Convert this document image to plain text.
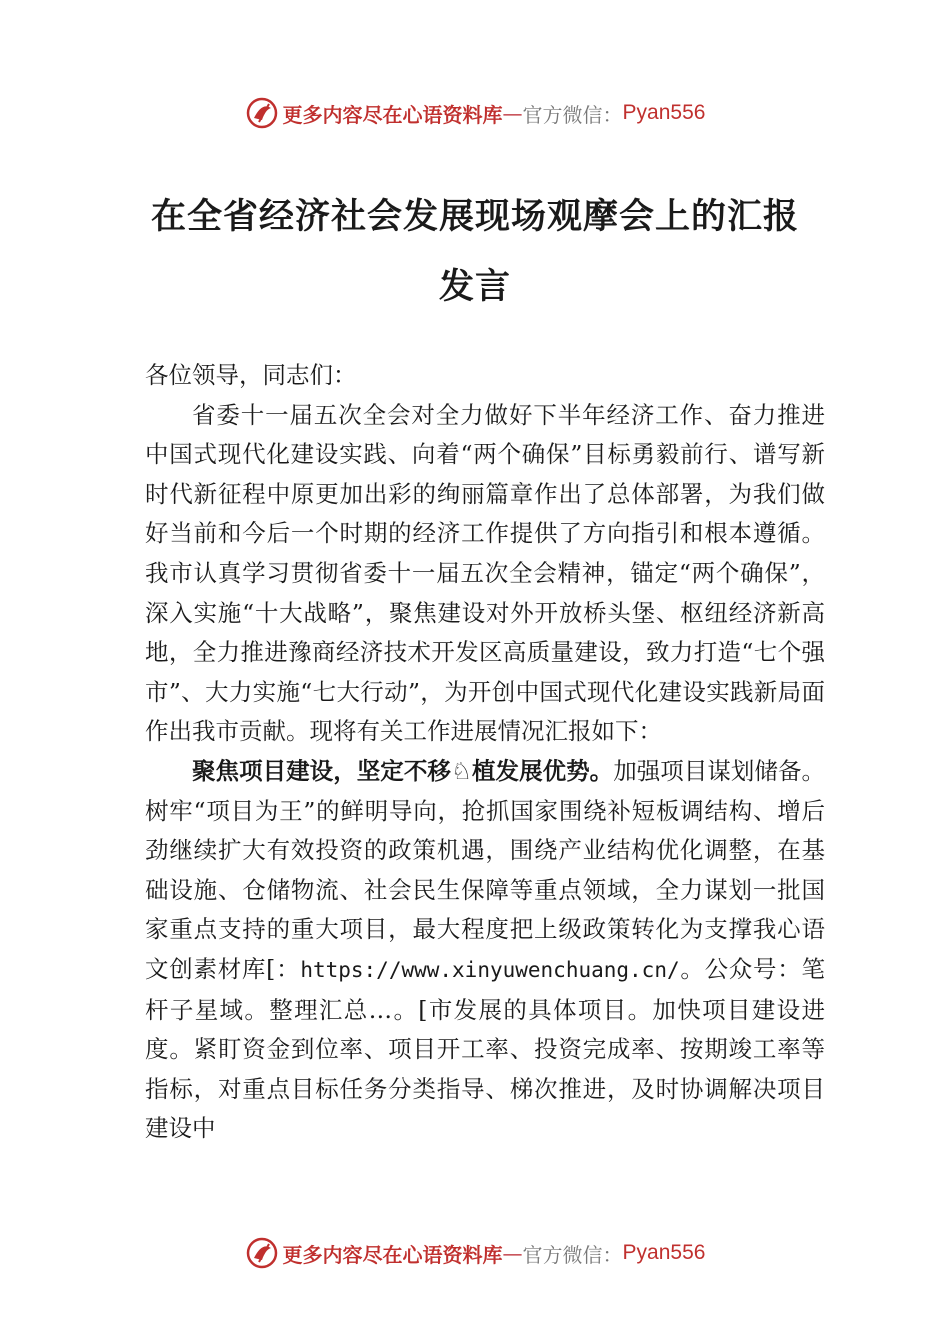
更多内容尽在心语资料库 — 官方微信： Pyan556
在全省经济社会发展现场观摩会上的汇报
发言

各位领导，同志们：

省委十一届五次全会对全力做好下半年经济工作、奋力推进中国式现代化建设实践、向着“两个确保”目标勇毅前行、谱写新时代新征程中原更加出彩的绚丽篇章作出了总体部署，为我们做好当前和今后一个时期的经济工作提供了方向指引和根本遵循。我市认真学习贯彻省委十一届五次全会精神，锚定“两个确保”，深入实施“十大战略”，聚焦建设对外开放桥头堡、枢纽经济新高地，全力推进豫商经济技术开发区高质量建设，致力打造“七个强市”、大力实施“七大行动”，为开创中国式现代化建设实践新局面作出我市贡献。现将有关工作进展情况汇报如下：

聚焦项目建设，坚定不移♘植发展优势。加强项目谋划储备。树牢“项目为王”的鲜明导向，抢抓国家围绕补短板调结构、增后劲继续扩大有效投资的政策机遇，围绕产业结构优化调整，在基础设施、仓储物流、社会民生保障等重点领域，全力谋划一批国家重点支持的重大项目，最大程度把上级政策转化为支撑我心语文创素材库[：https://www.xinyuwenchuang.cn/。公众号：笔杆子星域。整理汇总…。[市发展的具体项目。加快项目建设进度。紧盯资金到位率、项目开工率、投资完成率、按期竣工率等指标，对重点目标任务分类指导、梯次推进，及时协调解决项目建设中

更多内容尽在心语资料库 — 官方微信： Pyan556
